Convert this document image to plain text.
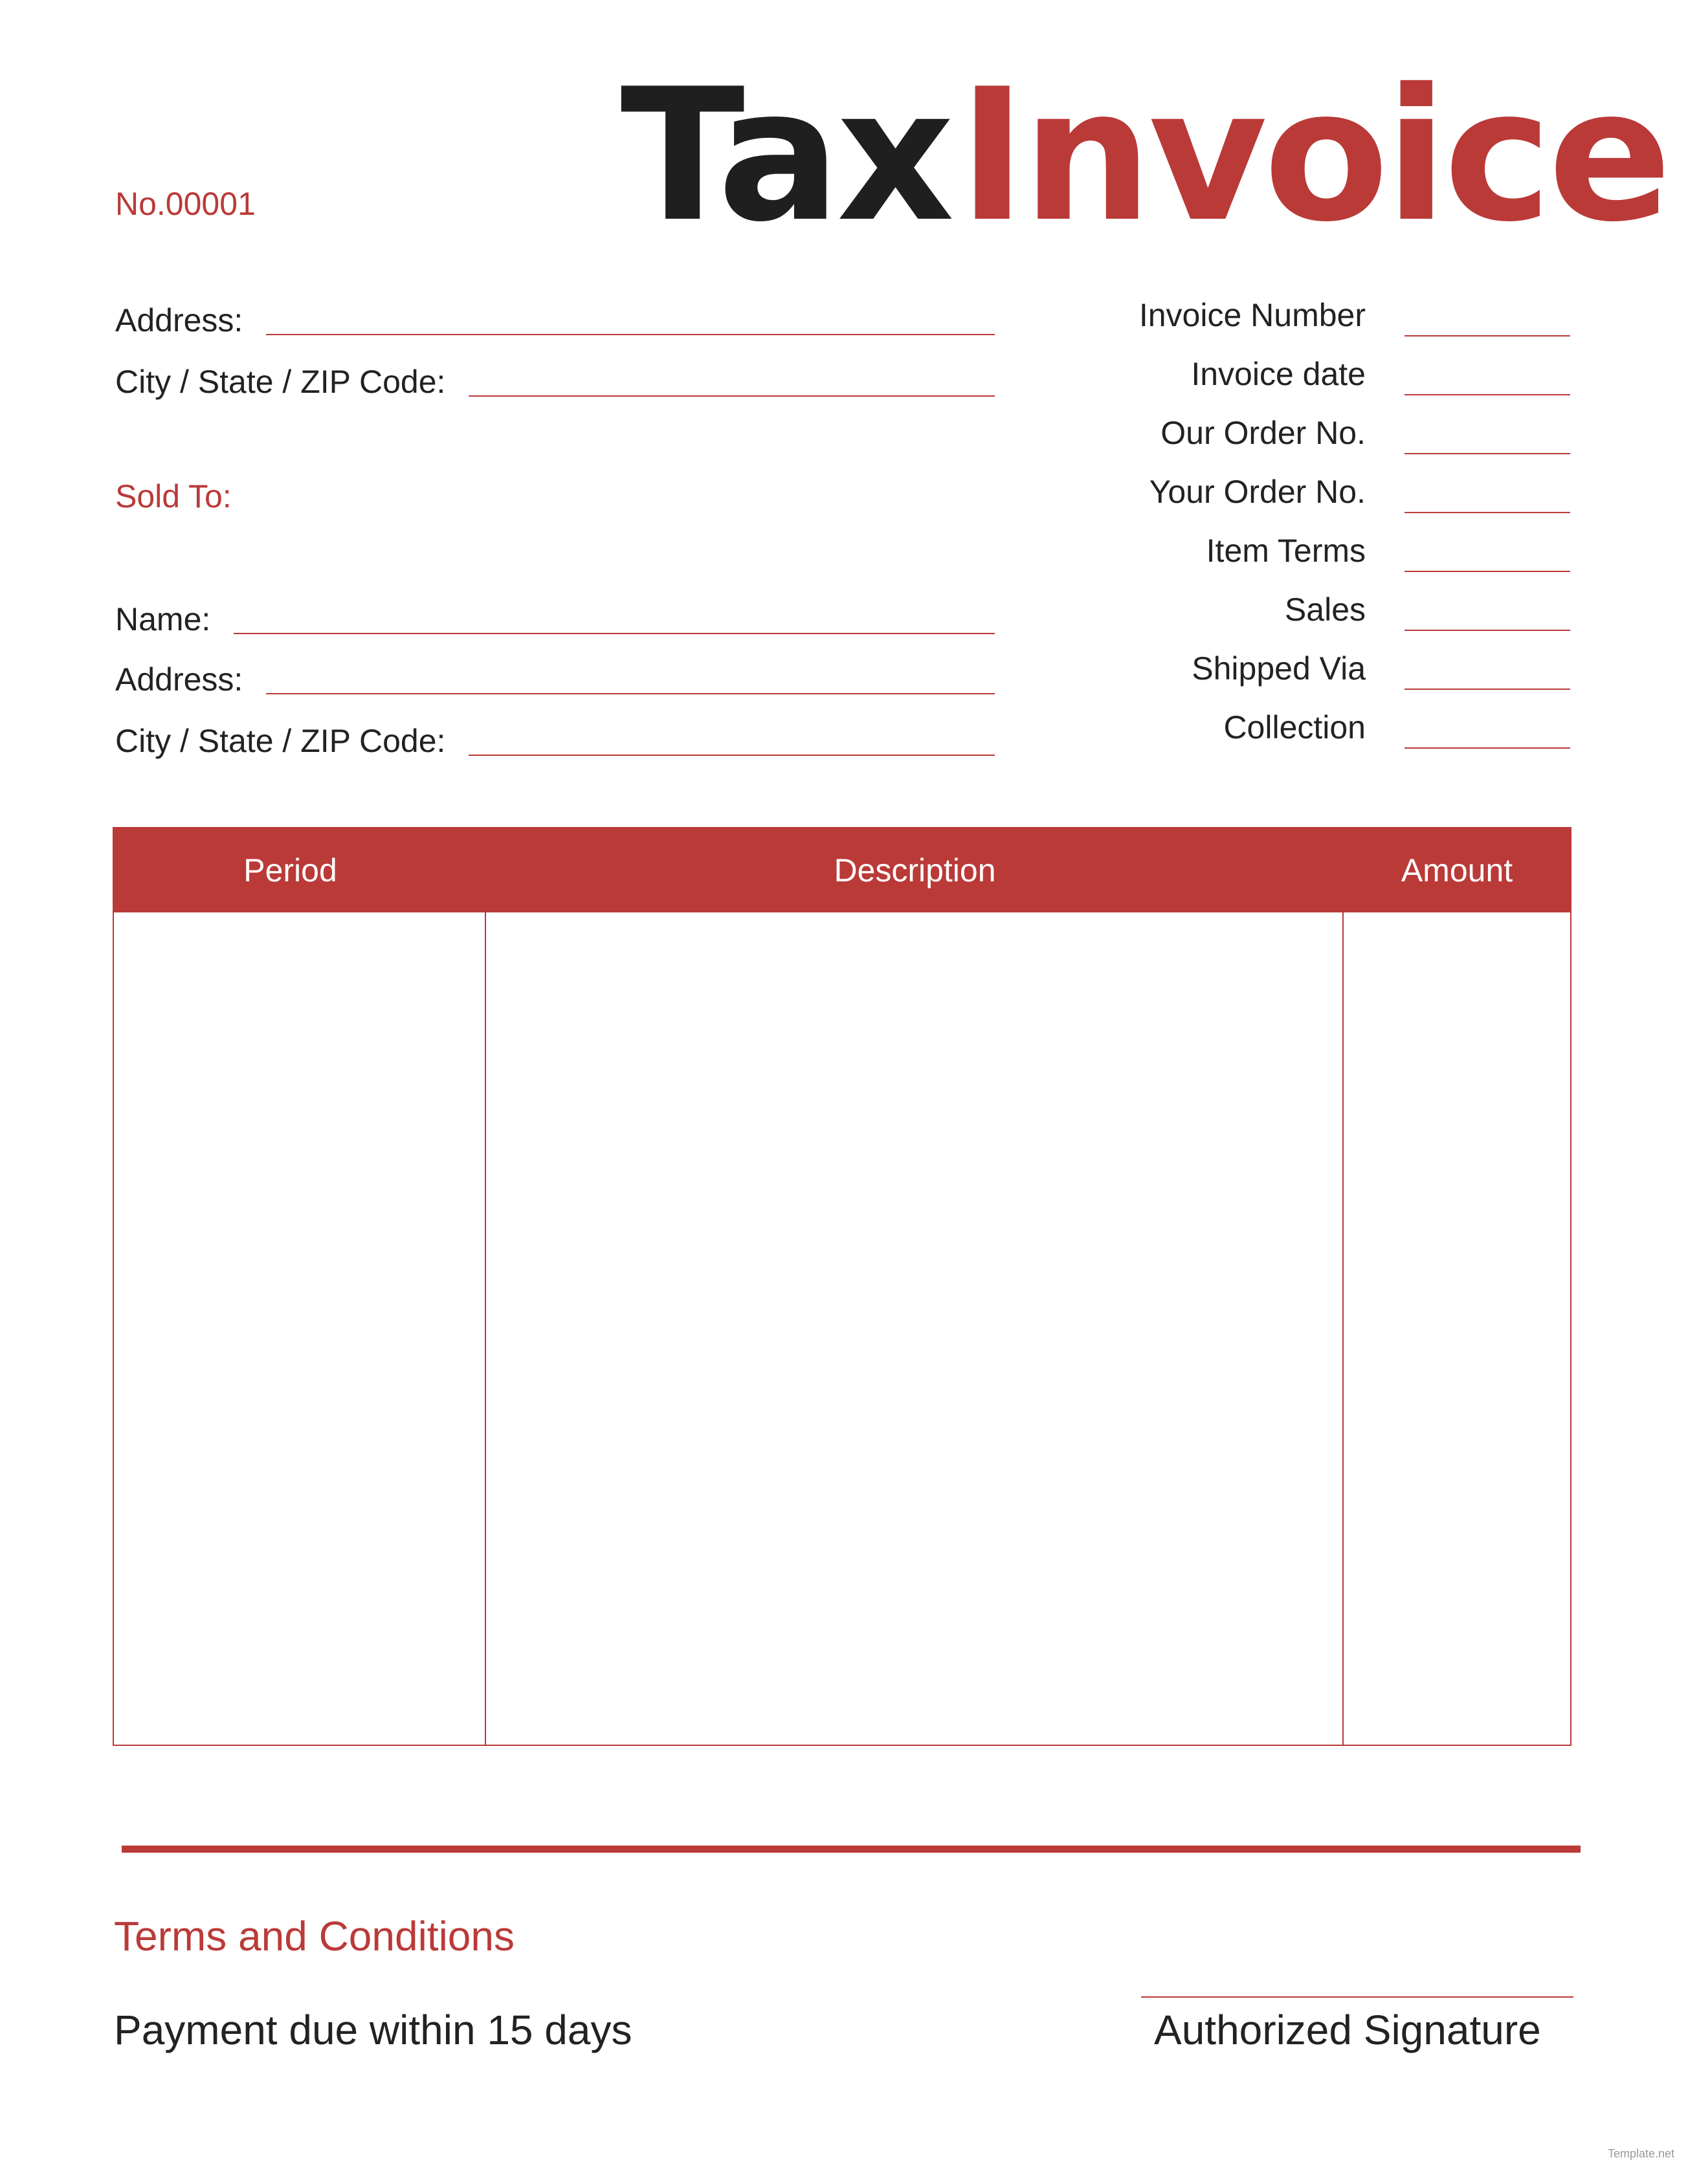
TaxInvoice
No.00001
Address:
City / State / ZIP Code:
Sold To:
Name:
Address:
City / State / ZIP Code:
Invoice Number
Invoice date
Our Order No.
Your Order No.
Item Terms
Sales
Shipped Via
Collection
Period	Description	Amount
Terms and Conditions
Payment due within 15 days	Authorized Signature
Template.net
